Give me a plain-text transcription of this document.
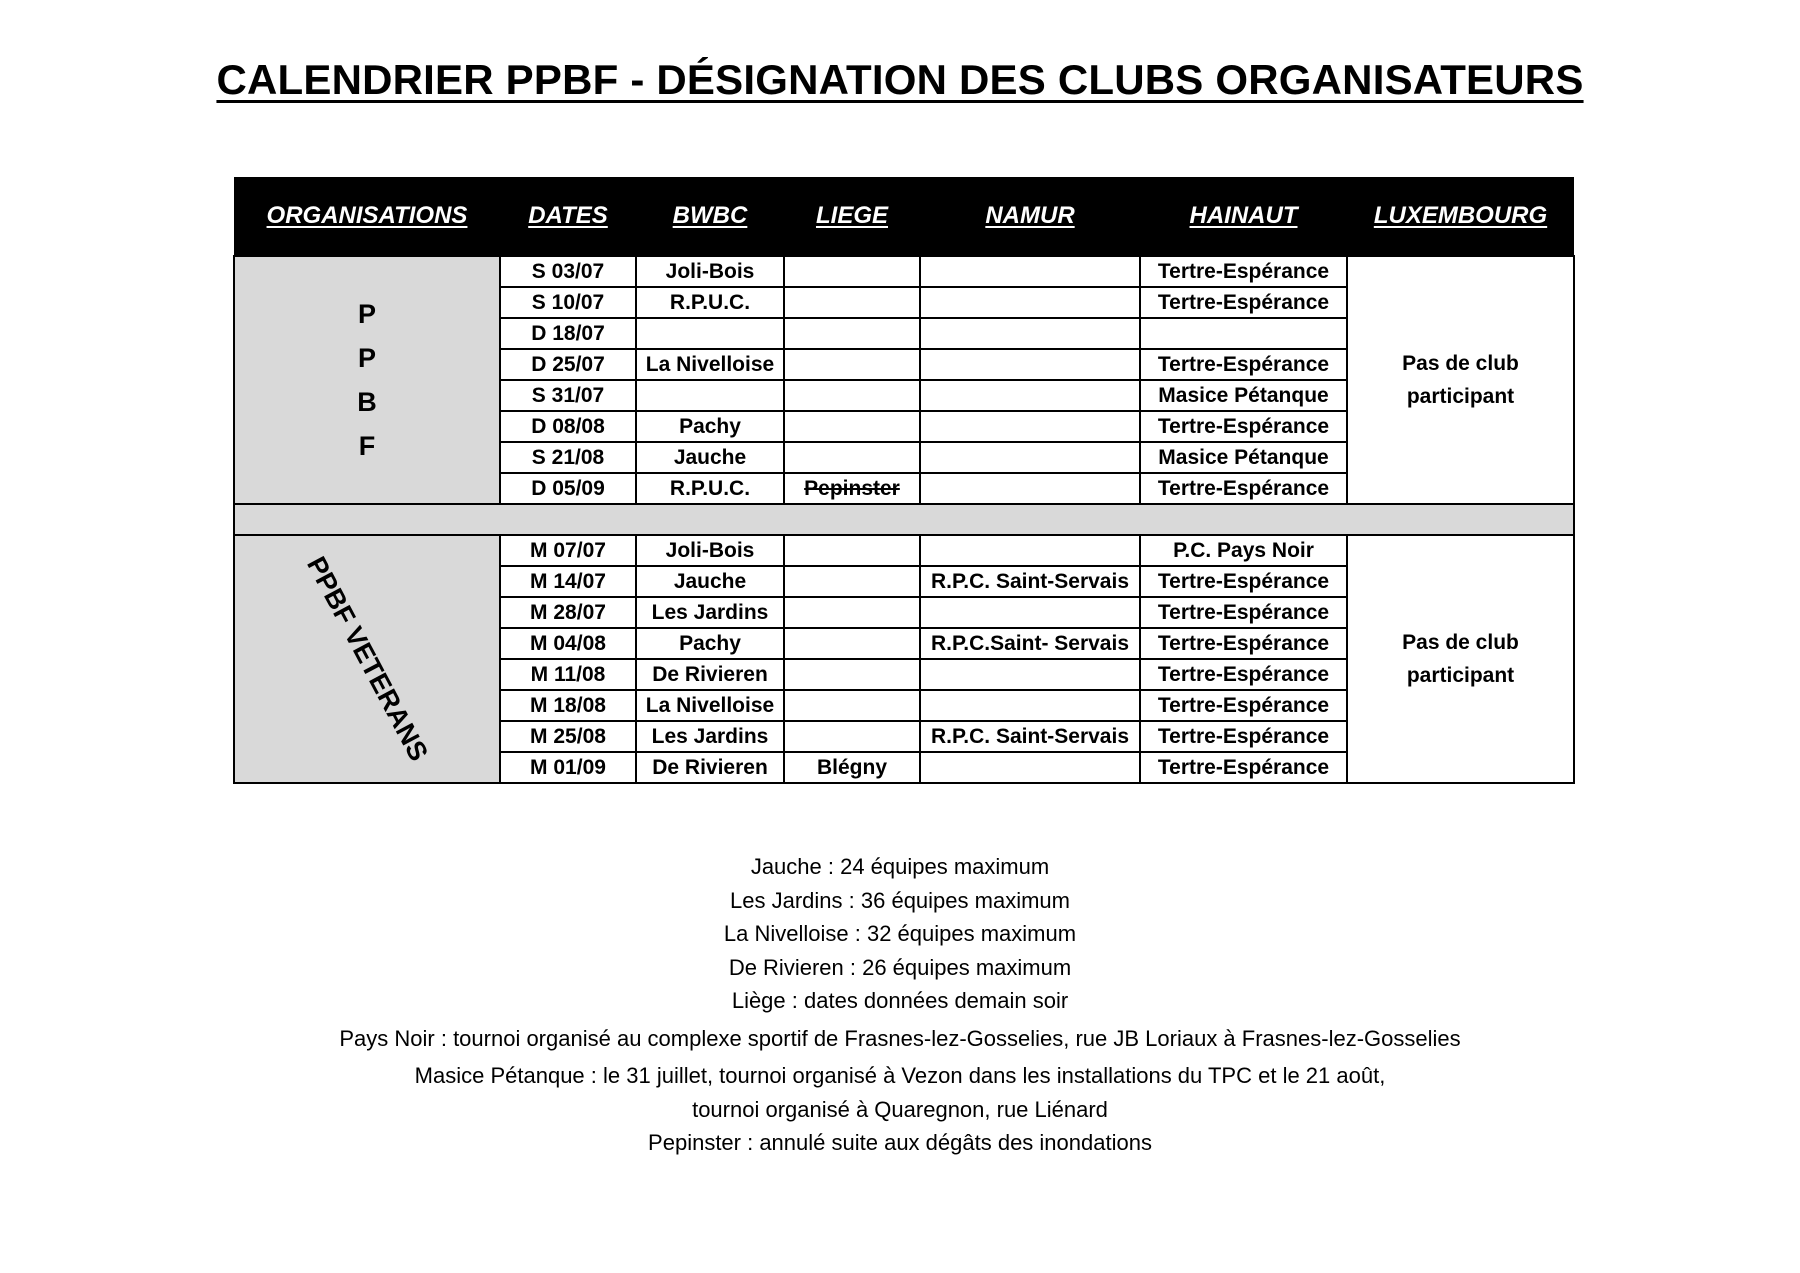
CALENDRIER PPBF - DÉSIGNATION DES CLUBS ORGANISATEURS
ORGANISATIONS	DATES	BWBC	LIEGE	NAMUR	HAINAUT	LUXEMBOURG

P
P
B
F	S 03/07	Joli-Bois			Tertre-Espérance	Pas de club participant

	S 10/07	R.P.U.C.			Tertre-Espérance	
	D 18/07					
	D 25/07	La Nivelloise			Tertre-Espérance	
	S 31/07				Masice Pétanque	
	D 08/08	Pachy			Tertre-Espérance	
	S 21/08	Jauche			Masice Pétanque	
	D 05/09	R.P.U.C.	Pepinster		Tertre-Espérance	

PPBF VETERANS	M 07/07	Joli-Bois			P.C. Pays Noir	Pas de club participant

	M 14/07	Jauche		R.P.C. Saint-Servais	Tertre-Espérance	
	M 28/07	Les Jardins			Tertre-Espérance	
	M 04/08	Pachy		R.P.C.Saint- Servais	Tertre-Espérance	
	M 11/08	De Rivieren			Tertre-Espérance	
	M 18/08	La Nivelloise			Tertre-Espérance	
	M 25/08	Les Jardins		R.P.C. Saint-Servais	Tertre-Espérance	
	M 01/09	De Rivieren	Blégny		Tertre-Espérance	
Jauche : 24 équipes maximum
Les Jardins : 36 équipes maximum
La Nivelloise : 32 équipes maximum
De Rivieren : 26 équipes maximum
Liège : dates données demain soir
Pays Noir : tournoi organisé au complexe sportif de Frasnes-lez-Gosselies, rue JB Loriaux à Frasnes-lez-Gosselies
Masice Pétanque : le 31 juillet, tournoi organisé à Vezon dans les installations du TPC et le 21 août,
tournoi organisé à Quaregnon, rue Liénard
Pepinster : annulé suite aux dégâts des inondations
